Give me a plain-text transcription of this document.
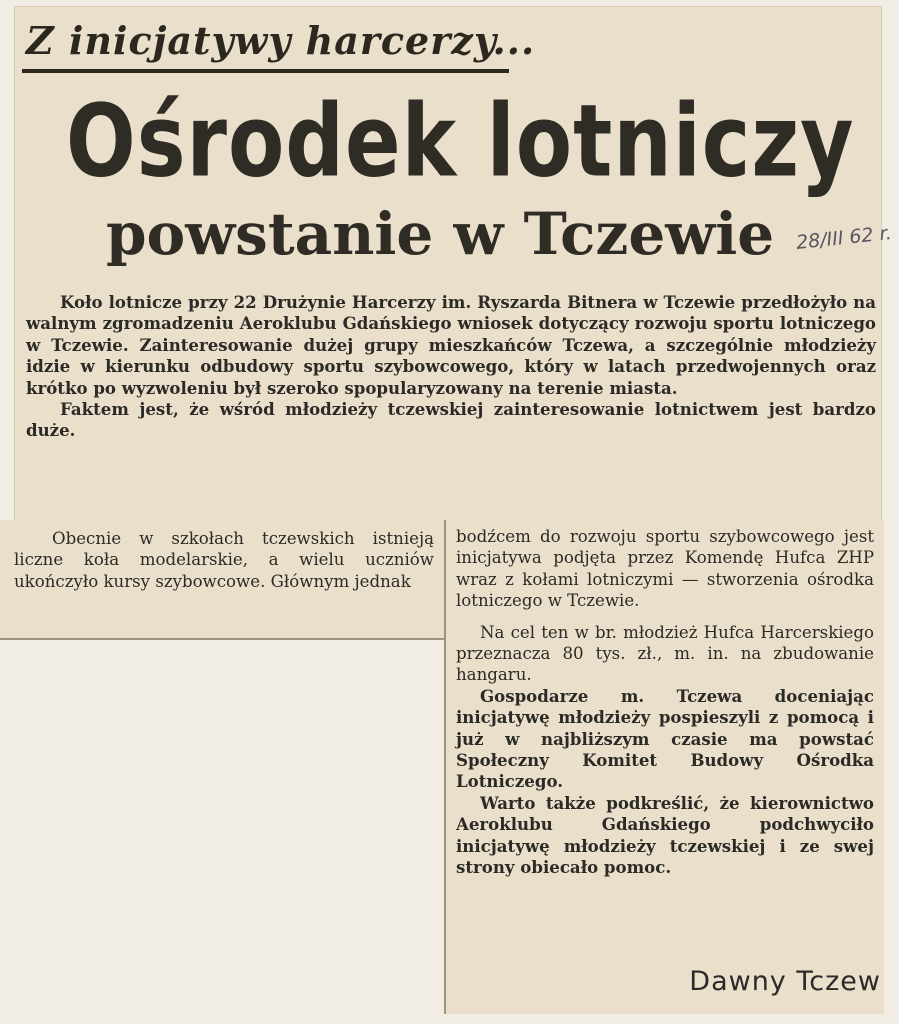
Z inicjatywy harcerzy...
Ośrodek lotniczy
powstanie w Tczewie 28/III 62 r.

Koło lotnicze przy 22 Drużynie Harcerzy im. Ryszarda Bitnera w Tczewie przedłożyło na walnym zgromadzeniu Aeroklubu Gdańskiego wniosek dotyczący rozwoju sportu lotniczego w Tczewie. Zainteresowanie dużej grupy mieszkańców Tczewa, a szczególnie młodzieży idzie w kierunku odbudowy sportu szybowcowego, który w latach przedwojennych oraz krótko po wyzwoleniu był szeroko spopularyzowany na terenie miasta.

Faktem jest, że wśród młodzieży tczewskiej zainteresowanie lotnictwem jest bardzo duże.

Obecnie w szkołach tczewskich istnieją liczne koła modelarskie, a wielu uczniów ukończyło kursy szybowcowe. Głównym jednak

bodźcem do rozwoju sportu szybowcowego jest inicjatywa podjęta przez Komendę Hufca ZHP wraz z kołami lotniczymi — stworzenia ośrodka lotniczego w Tczewie.

Na cel ten w br. młodzież Hufca Harcerskiego przeznacza 80 tys. zł., m. in. na zbudowanie hangaru.

Gospodarze m. Tczewa doceniając inicjatywę młodzieży pospieszyli z pomocą i już w najbliższym czasie ma powstać Społeczny Komitet Budowy Ośrodka Lotniczego.

Warto także podkreślić, że kierownictwo Aeroklubu Gdańskiego podchwyciło inicjatywę młodzieży tczewskiej i ze swej strony obiecało pomoc.

Dawny Tczew
